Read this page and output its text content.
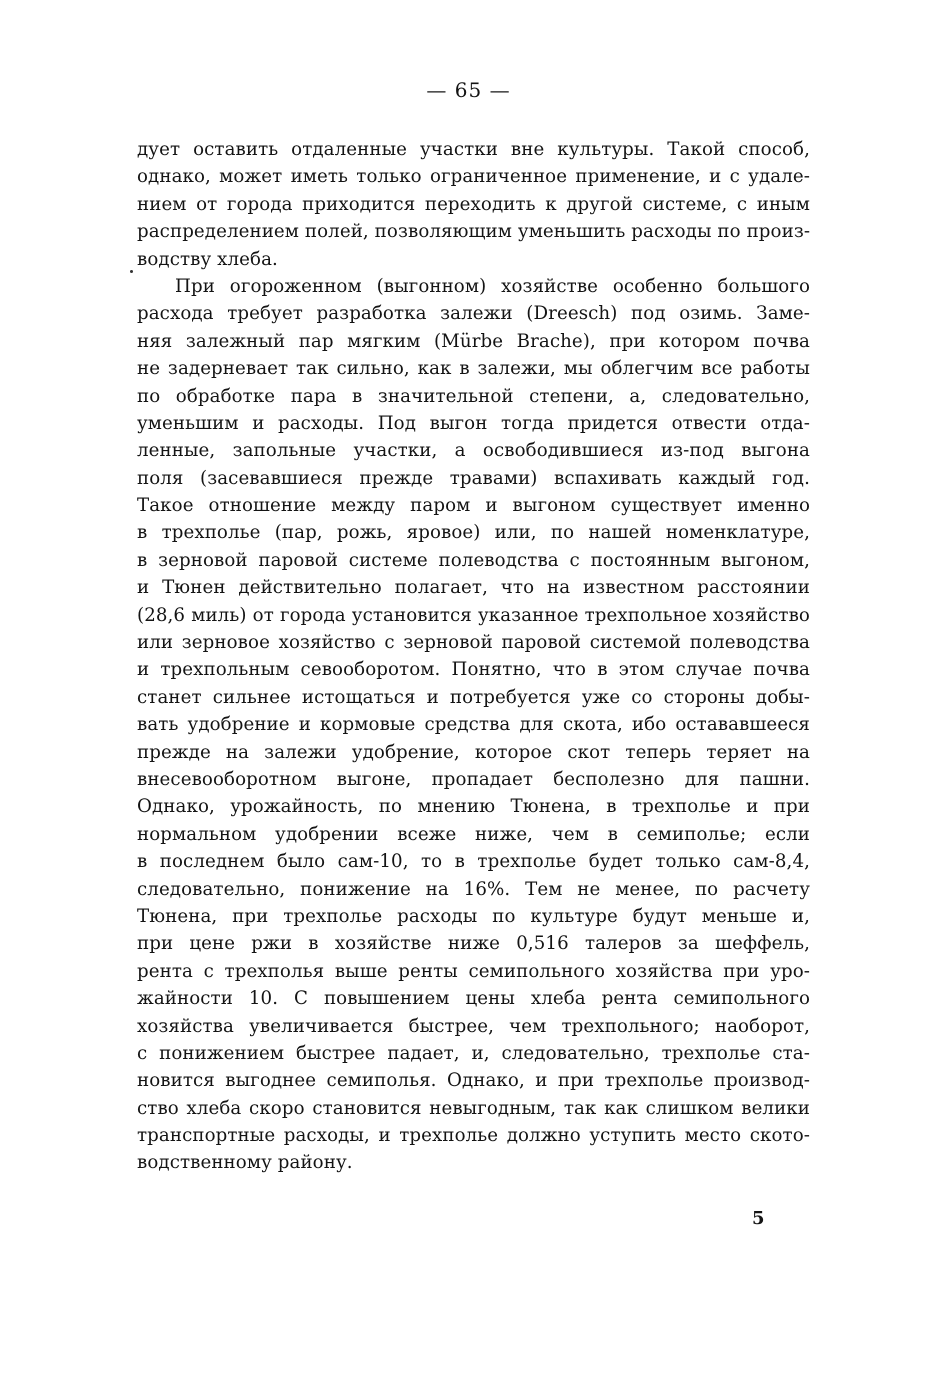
— 65 —
дует оставить отдаленные участки вне культуры. Такой способ,
однако, может иметь только ограниченное применение, и с удале-
нием от города приходится переходить к другой системе, с иным
распределением полей, позволяющим уменьшить расходы по произ-
водству хлеба.
При огороженном (выгонном) хозяйстве особенно большого
расхода требует разработка залежи (Dreesch) под озимь. Заме-
няя залежный пар мягким (Mürbe Brache), при котором почва
не задерневает так сильно, как в залежи, мы облегчим все работы
по обработке пара в значительной степени, а, следовательно,
уменьшим и расходы. Под выгон тогда придется отвести отда-
ленные, запольные участки, а освободившиеся из-под выгона
поля (засевавшиеся прежде травами) вспахивать каждый год.
Такое отношение между паром и выгоном существует именно
в трехполье (пар, рожь, яровое) или, по нашей номенклатуре,
в зерновой паровой системе полеводства с постоянным выгоном,
и Тюнен действительно полагает, что на известном расстоянии
(28,6 миль) от города установится указанное трехпольное хозяйство
или зерновое хозяйство с зерновой паровой системой полеводства
и трехпольным севооборотом. Понятно, что в этом случае почва
станет сильнее истощаться и потребуется уже со стороны добы-
вать удобрение и кормовые средства для скота, ибо остававшееся
прежде на залежи удобрение, которое скот теперь теряет на
внесевооборотном выгоне, пропадает бесполезно для пашни.
Однако, урожайность, по мнению Тюнена, в трехполье и при
нормальном удобрении всеже ниже, чем в семиполье; если
в последнем было сам-10, то в трехполье будет только сам-8,4,
следовательно, понижение на 16%. Тем не менее, по расчету
Тюнена, при трехполье расходы по культуре будут меньше и,
при цене ржи в хозяйстве ниже 0,516 талеров за шеффель,
рента с трехполья выше ренты семипольного хозяйства при уро-
жайности 10. С повышением цены хлеба рента семипольного
хозяйства увеличивается быстрее, чем трехпольного; наоборот,
с понижением быстрее падает, и, следовательно, трехполье ста-
новится выгоднее семиполья. Однако, и при трехполье производ-
ство хлеба скоро становится невыгодным, так как слишком велики
транспортные расходы, и трехполье должно уступить место ското-
водственному району.
5
